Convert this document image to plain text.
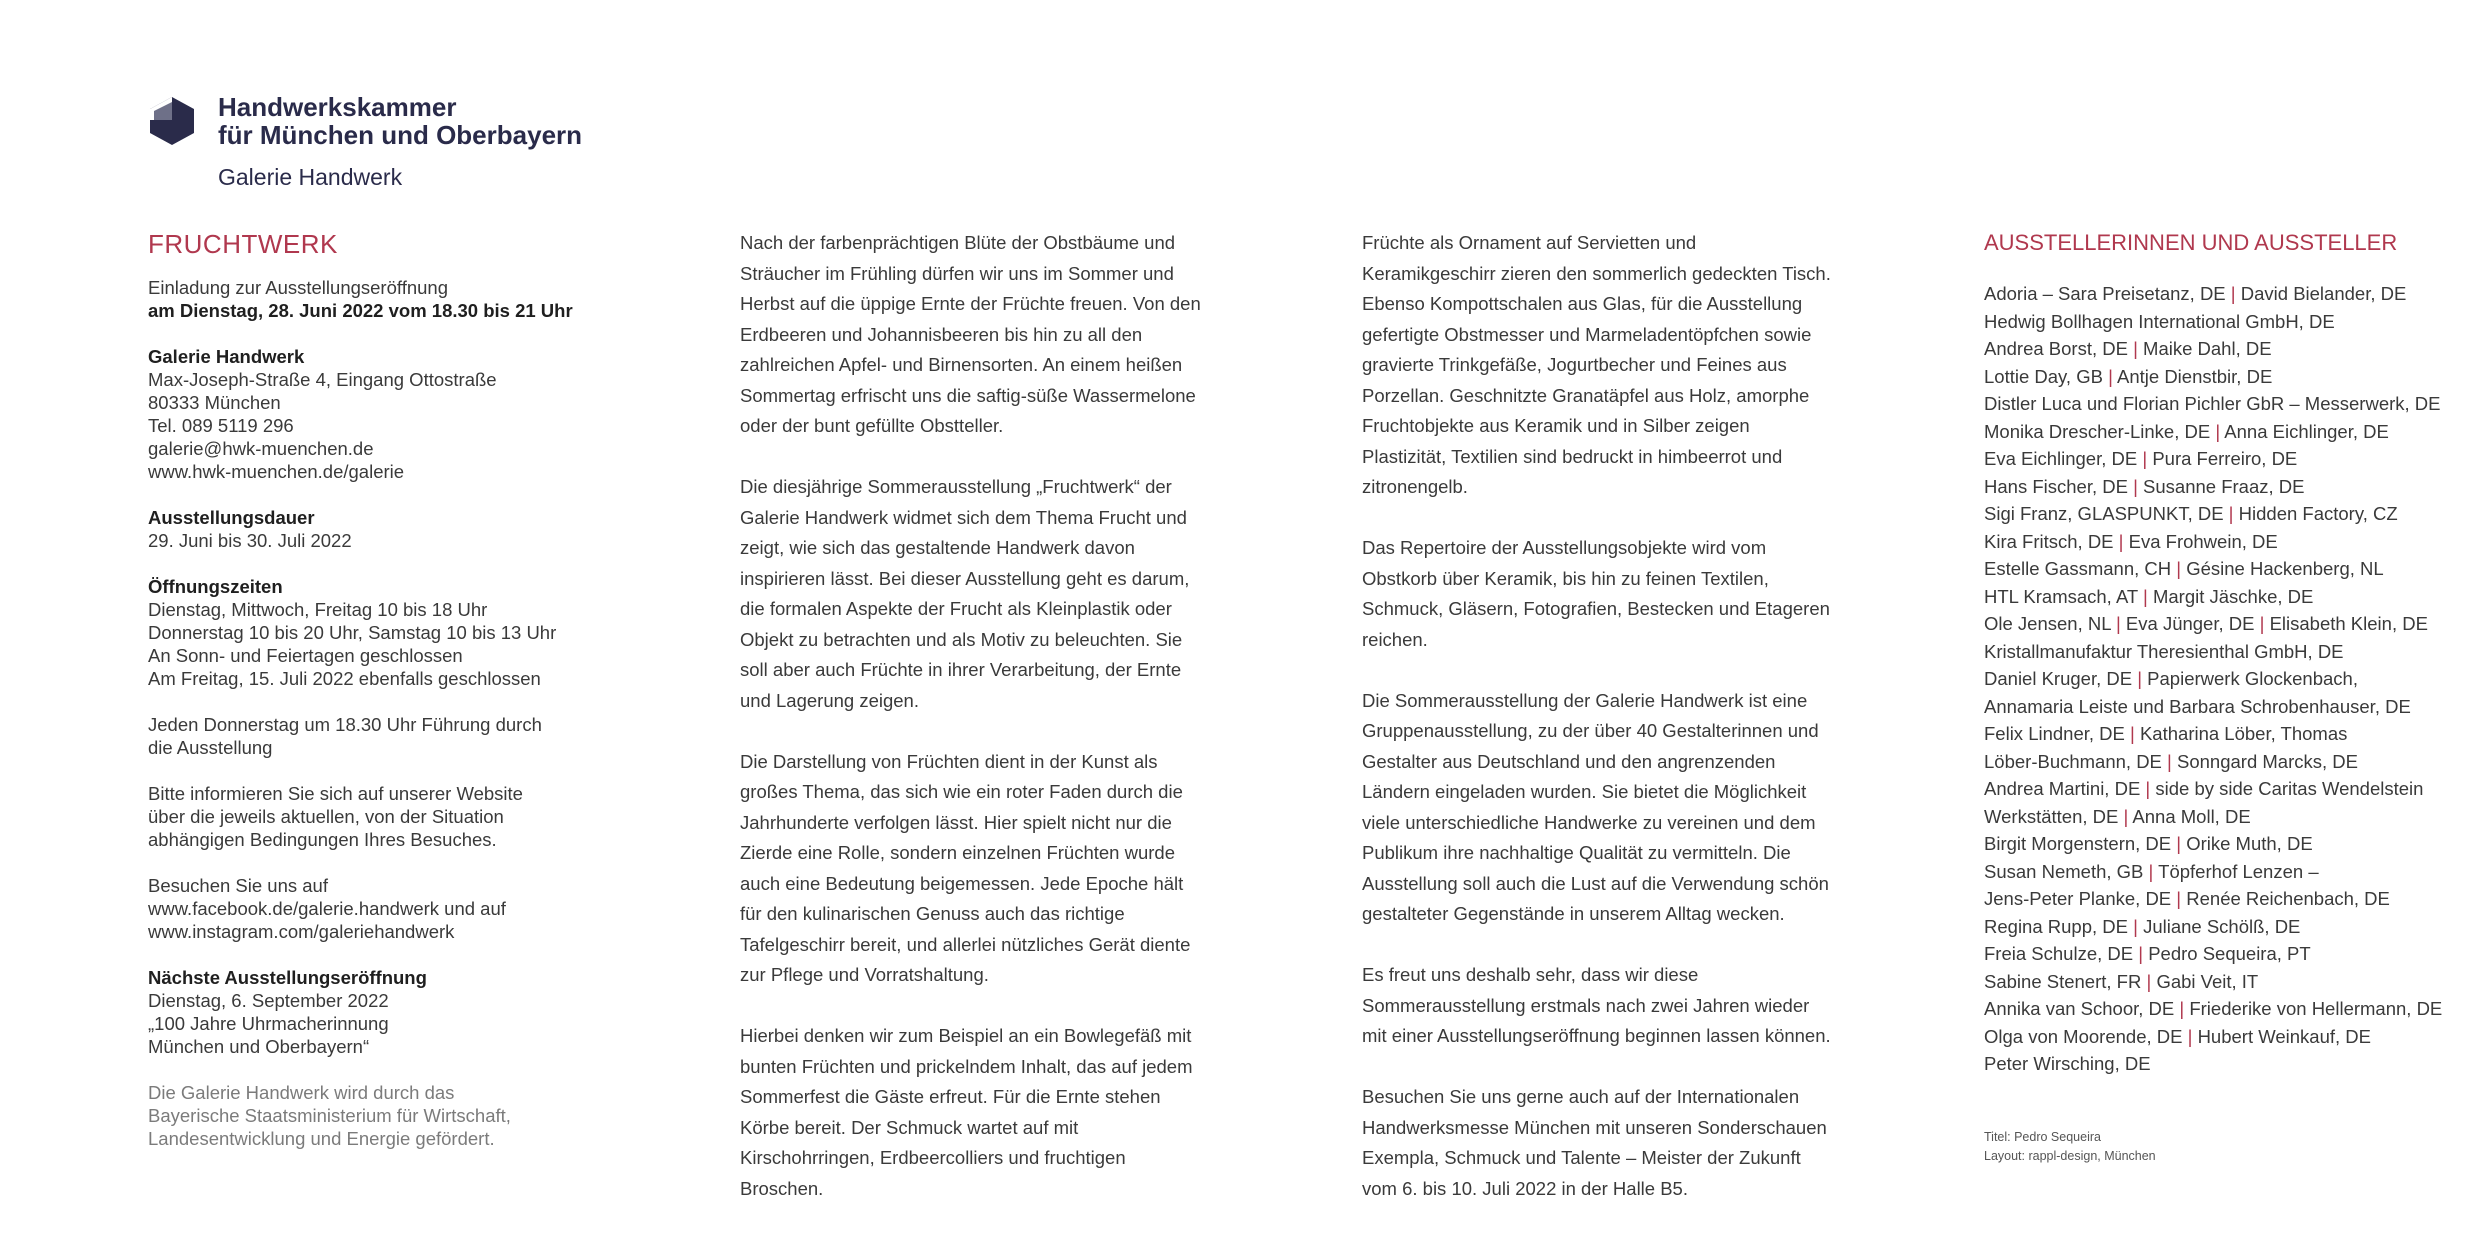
Handwerkskammer
für München und Oberbayern
Galerie Handwerk
FRUCHTWERK
Einladung zur Ausstellungseröffnung
am Dienstag, 28. Juni 2022 vom 18.30 bis 21 Uhr
Galerie Handwerk
Max-Joseph-Straße 4, Eingang Ottostraße
80333 München
Tel. 089 5119 296
galerie@hwk-muenchen.de
www.hwk-muenchen.de/galerie
Ausstellungsdauer
29. Juni bis 30. Juli 2022
Öffnungszeiten
Dienstag, Mittwoch, Freitag 10 bis 18 Uhr
Donnerstag 10 bis 20 Uhr, Samstag 10 bis 13 Uhr
An Sonn- und Feiertagen geschlossen
Am Freitag, 15. Juli 2022 ebenfalls geschlossen
Jeden Donnerstag um 18.30 Uhr Führung durch
die Ausstellung
Bitte informieren Sie sich auf unserer Website
über die jeweils aktuellen, von der Situation
abhängigen Bedingungen Ihres Besuches.
Besuchen Sie uns auf
www.facebook.de/galerie.handwerk und auf
www.instagram.com/galeriehandwerk
Nächste Ausstellungseröffnung
Dienstag, 6. September 2022
„100 Jahre Uhrmacherinnung
München und Oberbayern“
Die Galerie Handwerk wird durch das
Bayerische Staatsministerium für Wirtschaft,
Landesentwicklung und Energie gefördert.

Nach der farbenprächtigen Blüte der Obstbäume und Sträucher im Frühling dürfen wir uns im Sommer und Herbst auf die üppige Ernte der Früchte freuen. Von den Erdbeeren und Johannisbeeren bis hin zu all den zahlreichen Apfel- und Birnensorten. An einem heißen Sommertag erfrischt uns die saftig-süße Wassermelone oder der bunt gefüllte Obstteller.

Die diesjährige Sommerausstellung „Fruchtwerk“ der Galerie Handwerk widmet sich dem Thema Frucht und zeigt, wie sich das gestaltende Handwerk davon inspirieren lässt. Bei dieser Ausstellung geht es darum, die formalen Aspekte der Frucht als Kleinplastik oder Objekt zu betrachten und als Motiv zu beleuchten. Sie soll aber auch Früchte in ihrer Verarbeitung, der Ernte und Lagerung zeigen.

Die Darstellung von Früchten dient in der Kunst als großes Thema, das sich wie ein roter Faden durch die Jahrhunderte verfolgen lässt. Hier spielt nicht nur die Zierde eine Rolle, sondern einzelnen Früchten wurde auch eine Bedeutung beigemessen. Jede Epoche hält für den kulinarischen Genuss auch das richtige Tafelgeschirr bereit, und allerlei nützliches Gerät diente zur Pflege und Vorratshaltung.

Hierbei denken wir zum Beispiel an ein Bowlegefäß mit bunten Früchten und prickelndem Inhalt, das auf jedem Sommerfest die Gäste erfreut. Für die Ernte stehen Körbe bereit. Der Schmuck wartet auf mit Kirschohrringen, Erdbeercolliers und fruchtigen Broschen.

Früchte als Ornament auf Servietten und Keramikgeschirr zieren den sommerlich gedeckten Tisch. Ebenso Kompottschalen aus Glas, für die Ausstellung gefertigte Obstmesser und Marmeladentöpfchen sowie gravierte Trinkgefäße, Jogurtbecher und Feines aus Porzellan. Geschnitzte Granatäpfel aus Holz, amorphe Fruchtobjekte aus Keramik und in Silber zeigen Plastizität, Textilien sind bedruckt in himbeerrot und zitronengelb.

Das Repertoire der Ausstellungsobjekte wird vom Obstkorb über Keramik, bis hin zu feinen Textilen, Schmuck, Gläsern, Fotografien, Bestecken und Etageren reichen.

Die Sommerausstellung der Galerie Handwerk ist eine Gruppenausstellung, zu der über 40 Gestalterinnen und Gestalter aus Deutschland und den angrenzenden Ländern eingeladen wurden. Sie bietet die Möglichkeit viele unterschiedliche Handwerke zu vereinen und dem Publikum ihre nachhaltige Qualität zu vermitteln. Die Ausstellung soll auch die Lust auf die Verwendung schön gestalteter Gegenstände in unserem Alltag wecken.

Es freut uns deshalb sehr, dass wir diese Sommerausstellung erstmals nach zwei Jahren wieder mit einer Ausstellungseröffnung beginnen lassen können.

Besuchen Sie uns gerne auch auf der Internationalen Handwerksmesse München mit unseren Sonderschauen Exempla, Schmuck und Talente – Meister der Zukunft vom 6. bis 10. Juli 2022 in der Halle B5.

AUSSTELLERINNEN UND AUSSTELLER
Adoria – Sara Preisetanz, DE | David Bielander, DE
Hedwig Bollhagen International GmbH, DE
Andrea Borst, DE | Maike Dahl, DE
Lottie Day, GB | Antje Dienstbir, DE
Distler Luca und Florian Pichler GbR – Messerwerk, DE
Monika Drescher-Linke, DE | Anna Eichlinger, DE
Eva Eichlinger, DE | Pura Ferreiro, DE
Hans Fischer, DE | Susanne Fraaz, DE
Sigi Franz, GLASPUNKT, DE | Hidden Factory, CZ
Kira Fritsch, DE | Eva Frohwein, DE
Estelle Gassmann, CH | Gésine Hackenberg, NL
HTL Kramsach, AT | Margit Jäschke, DE
Ole Jensen, NL | Eva Jünger, DE | Elisabeth Klein, DE
Kristallmanufaktur Theresienthal GmbH, DE
Daniel Kruger, DE | Papierwerk Glockenbach,
Annamaria Leiste und Barbara Schrobenhauser, DE
Felix Lindner, DE | Katharina Löber, Thomas
Löber-Buchmann, DE | Sonngard Marcks, DE
Andrea Martini, DE | side by side Caritas Wendelstein
Werkstätten, DE | Anna Moll, DE
Birgit Morgenstern, DE | Orike Muth, DE
Susan Nemeth, GB | Töpferhof Lenzen –
Jens-Peter Planke, DE | Renée Reichenbach, DE
Regina Rupp, DE | Juliane Schölß, DE
Freia Schulze, DE | Pedro Sequeira, PT
Sabine Stenert, FR | Gabi Veit, IT
Annika van Schoor, DE | Friederike von Hellermann, DE
Olga von Moorende, DE | Hubert Weinkauf, DE
Peter Wirsching, DE
Titel: Pedro Sequeira
Layout: rappl-design, München
